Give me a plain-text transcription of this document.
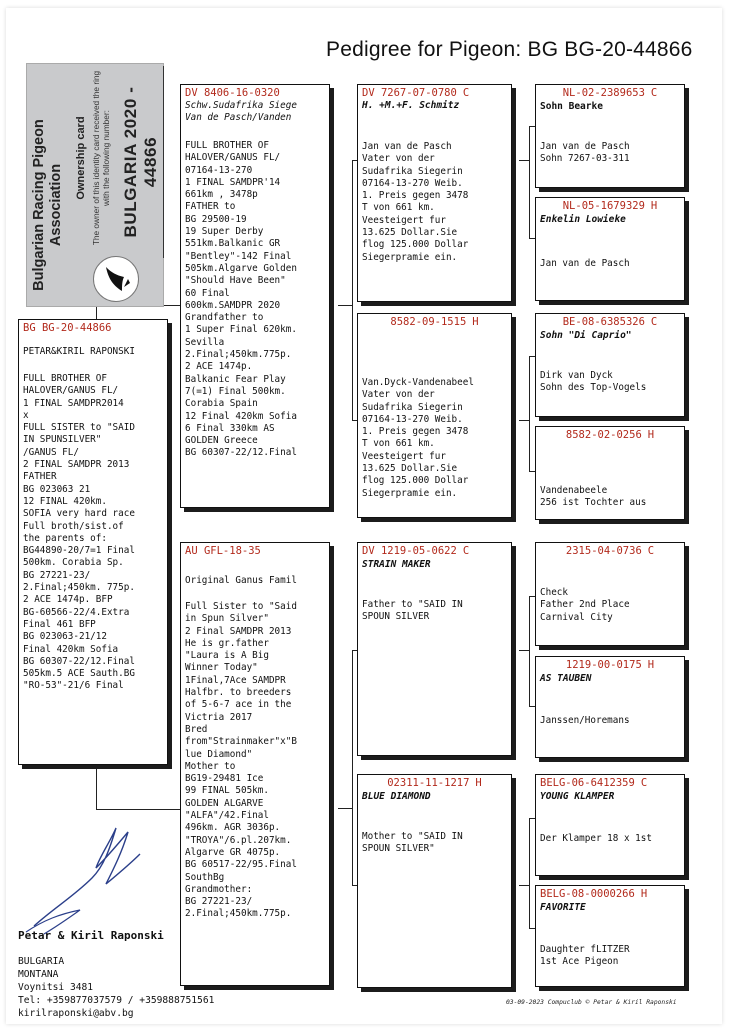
Pedigree for Pigeon: BG BG-20-44866
Bulgarian Racing Pigeon Association
Ownership card The owner of this identity card received the ring with the following number: BULGARIA 2020 - 44866
BG BG-20-44866
PETAR&KIRIL RAPONSKI
FULL BROTHER OF
HALOVER/GANUS FL/
1 FINAL SAMDPR2014
x
FULL SISTER to "SAID
IN SPUNSILVER"
/GANUS FL/
2 FINAL SAMDPR 2013
FATHER
BG 023063 21
12 FINAL 420km.
SOFIA very hard race
Full broth/sist.of
the parents of:
BG44890-20/7=1 Final
500km. Corabia Sp.
BG 27221-23/
2.Final;450km. 775p.
2 ACE 1474p. BFP
BG-60566-22/4.Extra
Final 461 BFP
BG 023063-21/12
Final 420km Sofia
BG 60307-22/12.Final
505km.5 ACE Sauth.BG
"RO-53"-21/6 Final
DV 8406-16-0320
Schw.Sudafrika Siege
Van de Pasch/Vanden
FULL BROTHER OF
HALOVER/GANUS FL/
07164-13-270
1 FINAL SAMDPR'14
661km , 3478p
FATHER to
BG 29500-19
19 Super Derby
551km.Balkanic GR
"Bentley"-142 Final
505km.Algarve Golden
"Should Have Been"
60 Final
600km.SAMDPR 2020
Grandfather to
1 Super Final 620km.
Sevilla
2.Final;450km.775p.
2 ACE 1474p.
Balkanic Fear Play
7(=1) Final 500km.
Corabia Spain
12 Final 420km Sofia
6 Final 330km AS
GOLDEN Greece
BG 60307-22/12.Final
AU GFL-18-35
Original Ganus Famil
Full Sister to "Said
in Spun Silver"
2 Final SAMDPR 2013
He is gr.father
"Laura is A Big
Winner Today"
1Final,7Ace SAMDPR
Halfbr. to breeders
of 5-6-7 ace in the
Victria 2017
Bred
from"Strainmaker"x"B
lue Diamond"
Mother to
BG19-29481 Ice
99 FINAL 505km.
GOLDEN ALGARVE
"ALFA"/42.Final
496km. AGR 3036p.
"TROYA"/6.pl.207km.
Algarve GR 4075p.
BG 60517-22/95.Final
SouthBg
Grandmother:
BG 27221-23/
2.Final;450km.775p.
DV 7267-07-0780 C
H. +M.+F. Schmitz
Jan van de Pasch
Vater von der
Sudafrika Siegerin
07164-13-270 Weib.
1. Preis gegen 3478
T von 661 km.
Veesteigert fur
13.625 Dollar.Sie
flog 125.000 Dollar
Siegerpramie ein.
8582-09-1515 H
Van.Dyck-Vandenabeel
Vater von der
Sudafrika Siegerin
07164-13-270 Weib.
1. Preis gegen 3478
T von 661 km.
Veesteigert fur
13.625 Dollar.Sie
flog 125.000 Dollar
Siegerpramie ein.
DV 1219-05-0622 C
STRAIN MAKER
Father to "SAID IN
SPOUN SILVER
02311-11-1217 H
BLUE DIAMOND
Mother to "SAID IN
SPOUN SILVER"
NL-02-2389653 C
Sohn Bearke
Jan van de Pasch
Sohn 7267-03-311
NL-05-1679329 H
Enkelin Lowieke
Jan van de Pasch
BE-08-6385326 C
Sohn "Di Caprio"
Dirk van Dyck
Sohn des Top-Vogels
8582-02-0256 H
Vandenabeele
256 ist Tochter aus
2315-04-0736 C
Check
Father 2nd Place
Carnival City
1219-00-0175 H
AS TAUBEN
Janssen/Horemans
BELG-06-6412359 C
YOUNG KLAMPER
Der Klamper 18 x 1st
BELG-08-0000266 H
FAVORITE
Daughter fLITZER
1st Ace Pigeon

Petar & Kiril Raponski

BULGARIA
MONTANA
Voynitsi 3481
Tel: +359877037579 / +359888751561
kirilraponski@abv.bg

03-09-2023 Compuclub © Petar & Kiril Raponski
